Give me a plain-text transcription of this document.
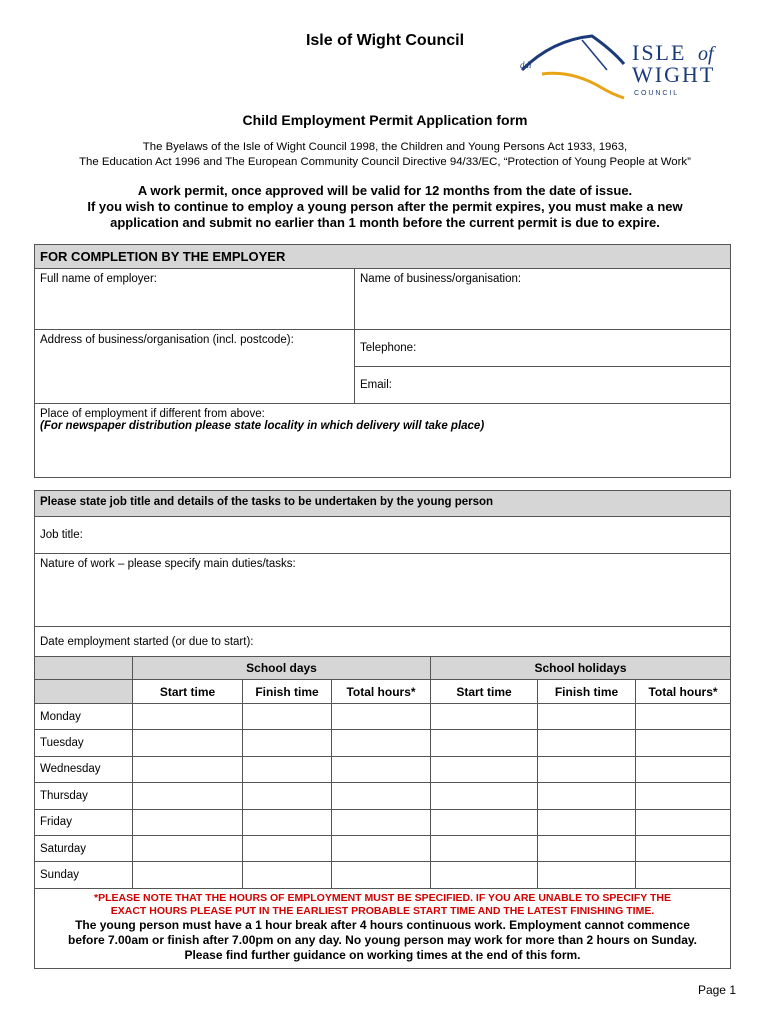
Isle of Wight Council
ddi	ISLE of
WIGHT
C O U N C I L
Child Employment Permit Application form
The Byelaws of the Isle of Wight Council 1998, the Children and Young Persons Act 1933, 1963,
The Education Act 1996 and The European Community Council Directive 94/33/EC, “Protection of Young People at Work”
A work permit, once approved will be valid for 12 months from the date of issue.
If you wish to continue to employ a young person after the permit expires, you must make a new
application and submit no earlier than 1 month before the current permit is due to expire.
FOR COMPLETION BY THE EMPLOYER	
Full name of employer:	Name of business/organisation:
Address of business/organisation (incl. postcode):	Telephone:
	Email:

Place of employment if different from above:
(For newspaper distribution please state locality in which delivery will take place)	
Please state job title and details of the tasks to be undertaken by the young person						
Job title:						
Nature of work – please specify main duties/tasks:						
Date employment started (or due to start):						
	School days			School holidays		
	Start time	Finish time	Total hours*	Start time	Finish time	Total hours*
Monday						
Tuesday						
Wednesday						
Thursday						
Friday						
Saturday						
Sunday						

*PLEASE NOTE THAT THE HOURS OF EMPLOYMENT MUST BE SPECIFIED. IF YOU ARE UNABLE TO SPECIFY THE
EXACT HOURS PLEASE PUT IN THE EARLIEST PROBABLE START TIME AND THE LATEST FINISHING TIME.
The young person must have a 1 hour break after 4 hours continuous work. Employment cannot commence
before 7.00am or finish after 7.00pm on any day. No young person may work for more than 2 hours on Sunday.
Please find further guidance on working times at the end of this form.						
Page 1
